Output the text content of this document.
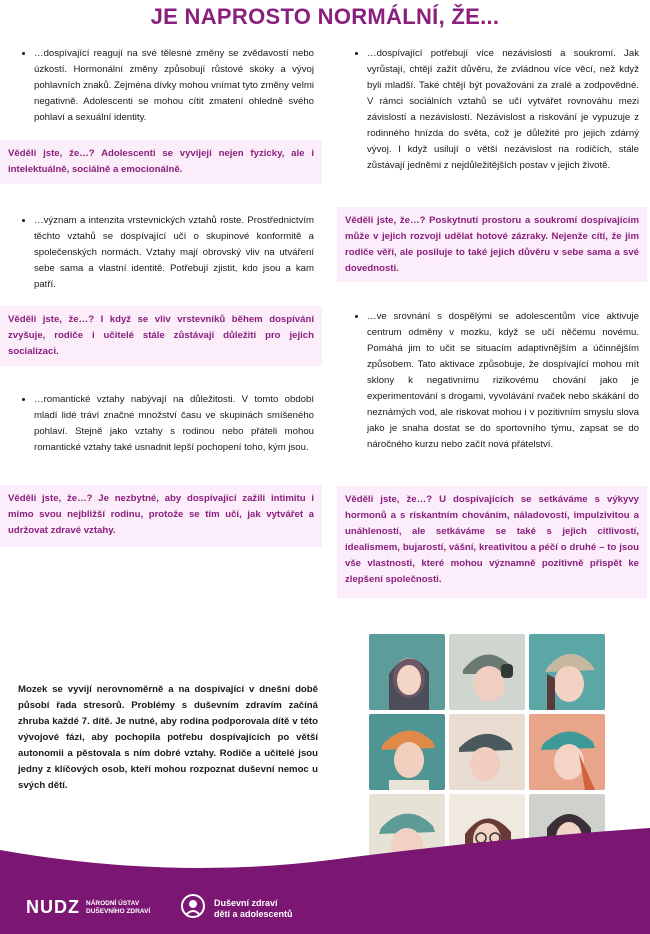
JE NAPROSTO NORMÁLNÍ, ŽE...
• …dospívající reagují na své tělesné změny se zvědavostí nebo úzkostí. Hormonální změny způsobují růstové skoky a vývoj pohlavních znaků. Zejména dívky mohou vnímat tyto změny velmi negativně. Adolescenti se mohou cítit zmatení ohledně svého pohlaví a sexuální identity.
Věděli jste, že…? Adolescenti se vyvíjejí nejen fyzicky, ale i intelektuálně, sociálně a emocionálně.
• …význam a intenzita vrstevnických vztahů roste. Prostřednictvím těchto vztahů se dospívající učí o skupinové konformitě a společenských normách. Vztahy mají obrovský vliv na utváření sebe sama a vlastní identitě. Potřebují zjistit, kdo jsou a kam patří.
Věděli jste, že…? I když se vliv vrstevníků během dospívání zvyšuje, rodiče i učitelé stále zůstávají důležití pro jejich socializaci.
• …romantické vztahy nabývají na důležitosti. V tomto období mladí lidé tráví značné množství času ve skupinách smíšeného pohlaví. Stejně jako vztahy s rodinou nebo přáteli mohou romantické vztahy také usnadnit lepší pochopení toho, kým jsou.
Věděli jste, že…? Je nezbytné, aby dospívající zažili intimitu i mimo svou nejbližší rodinu, protože se tím učí, jak vytvářet a udržovat zdravé vztahy.
• …dospívající potřebují více nezávislosti a soukromí. Jak vyrůstají, chtějí zažít důvěru, že zvládnou více věcí, než když byli mladší. Také chtějí být považováni za zralé a zodpovědné. V rámci sociálních vztahů se učí vytvářet rovnováhu mezi závislostí a nezávislostí. Nezávislost a riskování je vypuzuje z rodinného hnízda do světa, což je důležité pro jejich zdárný vývoj. I když usilují o větší nezávislost na rodičích, stále zůstávají jedněmi z nejdůležitějších postav v jejich životě.
Věděli jste, že…? Poskytnutí prostoru a soukromí dospívajícím může v jejich rozvoji udělat hotové zázraky. Nejenže cítí, že jim rodiče věří, ale posiluje to také jejich důvěru v sebe sama a své dovednosti.
• …ve srovnání s dospělými se adolescentům více aktivuje centrum odměny v mozku, když se učí něčemu novému. Pomáhá jim to učit se situacím adaptivnějším a účinnějším způsobem. Tato aktivace způsobuje, že dospívající mohou mít sklony k negativnímu rizikovému chování jako je experimentování s drogami, vyvolávání rvaček nebo skákání do neznámých vod, ale riskovat mohou i v pozitivním smyslu slova jako je snaha dostat se do sportovního týmu, zapsat se do náročného kurzu nebo začít nová přátelství.
Věděli jste, že…? U dospívajících se setkáváme s výkyvy hormonů a s riskantním chováním, náladovostí, impulzivitou a unáhleností, ale setkáváme se také s jejich citlivostí, idealismem, bujarostí, vášní, kreativitou a péčí o druhé – to jsou vše vlastnosti, které mohou významně pozitivně přispět ke zlepšení společnosti.
Mozek se vyvíjí nerovnoměrně a na dospívající v dnešní době působí řada stresorů. Problémy s duševním zdravím začíná zhruba každé 7. dítě. Je nutné, aby rodina podporovala dítě v této vývojové fázi, aby pochopila potřebu dospívajících po větší autonomii a pěstovala s ním dobré vztahy. Rodiče a učitelé jsou jedny z klíčových osob, kteří mohou rozpoznat duševní nemoc u svých dětí.
NUDZ NÁRODNÍ ÚSTAV
DUŠEVNÍHO ZDRAVÍ
Duševní zdraví
dětí a adolescentů
